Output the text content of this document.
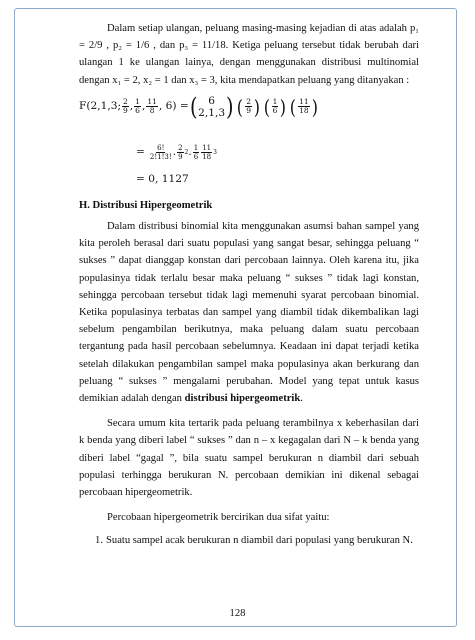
Dalam setiap ulangan, peluang masing-masing kejadian di atas adalah p₁ = 2/9 , p₂ = 1/6 , dan p₃ = 11/18. Ketiga peluang tersebut tidak berubah dari ulangan 1 ke ulangan lainya, dengan menggunakan distribusi multinomial dengan x₁ = 2, x₂ = 1 dan x₃ = 3, kita mendapatkan peluang yang ditanyakan :

F(2,1,3; $\frac{2}{9}$ , $\frac{1}{6}$ , $\frac{11}{8}$ , 6) = ( 6
2,1,3 ) ( $\frac{2}{9}$ ) ( $\frac{1}{6}$ ) ( $\frac{11}{18}$ )
= $\frac{6!}{2!1!3!}$ . $\frac{2}{9} 2$ . $\frac{1}{6} \frac{11}{18} 3$
= 0, 1127
H. Distribusi Hipergeometrik

Dalam distribusi binomial kita menggunakan asumsi bahan sampel yang kita peroleh berasal dari suatu populasi yang sangat besar, sehingga peluang “ sukses ” dapat dianggap konstan dari percobaan lainnya. Oleh karena itu, jika populasinya tidak terlalu besar maka peluang “ sukses ” tidak lagi konstan, sehingga percobaan tersebut tidak lagi memenuhi syarat percobaan binomial. Ketika populasinya terbatas dan sampel yang diambil tidak dikembalikan lagi sebelum pengambilan berikutnya, maka peluang dalam suatu percobaan tergantung pada hasil percobaan sebelumnya. Keadaan ini dapat terjadi ketika setelah dilakukan pengambilan sampel maka populasinya akan berkurang dan peluang “ sukses ” mengalami perubahan. Model yang tepat untuk kasus demikian adalah dengan distribusi hipergeometrik.

Secara umum kita tertarik pada peluang terambilnya x keberhasilan dari k benda yang diberi label “ sukses ” dan n – x kegagalan dari N – k benda yang diberi label “gagal ”, bila suatu sampel berukuran n diambil dari sebuah populasi terhingga berukuran N. percobaan demikian ini dikenal sebagai percobaan hipergeometrik.

Percobaan hipergeometrik bercirikan dua sifat yaitu:

1. Suatu sampel acak berukuran n diambil dari populasi yang berukuran N.
128
